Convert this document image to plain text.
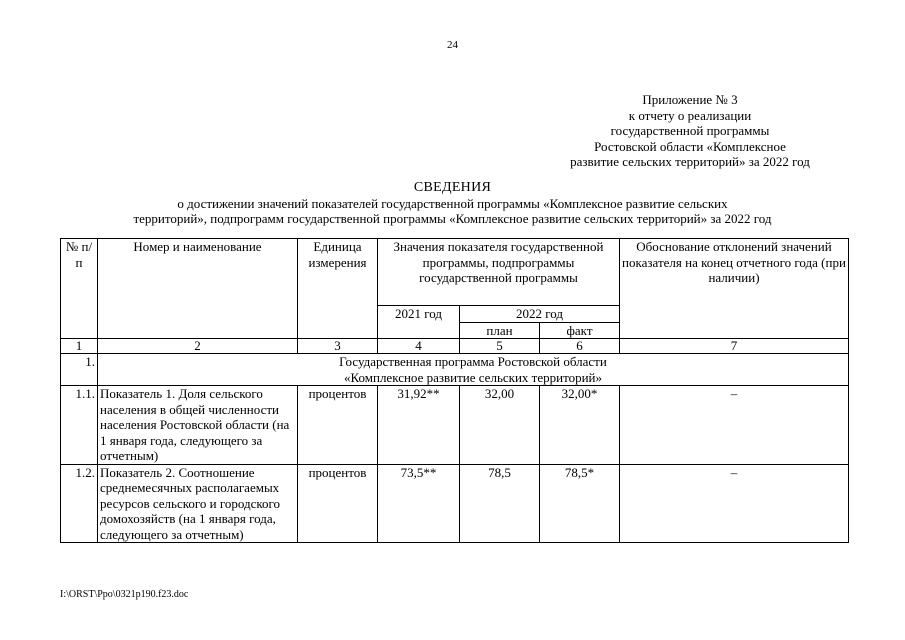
24
Приложение № 3
к отчету о реализации
государственной программы
Ростовской области «Комплексное
развитие сельских территорий» за 2022 год
СВЕДЕНИЯ
о достижении значений показателей государственной программы «Комплексное развитие сельских
территорий», подпрограмм государственной программы «Комплексное развитие сельских территорий» за 2022 год
№ п/п	Номер и наименование	Единица измерения	Значения показателя государственной программы, подпрограммы государственной программы			Обоснование отклонений значений показателя на конец отчетного года (при наличии)
			2021 год	2022 год		
				план	факт	
1	2	3	4	5	6	7
1.	Государственная программа Ростовской области
«Комплексное развитие сельских территорий»					

1.1.	Показатель 1. Доля сельского населения в общей численности населения Ростовской области (на 1 января года, следующего за отчетным)	процентов	31,92**	32,00	32,00*	–
1.2.	Показатель 2. Соотношение среднемесячных располагаемых ресурсов сельского и городского домохозяйств (на 1 января года, следующего за отчетным)	процентов	73,5**	78,5	78,5*	–
I:\ORST\Ppo\0321p190.f23.doc
